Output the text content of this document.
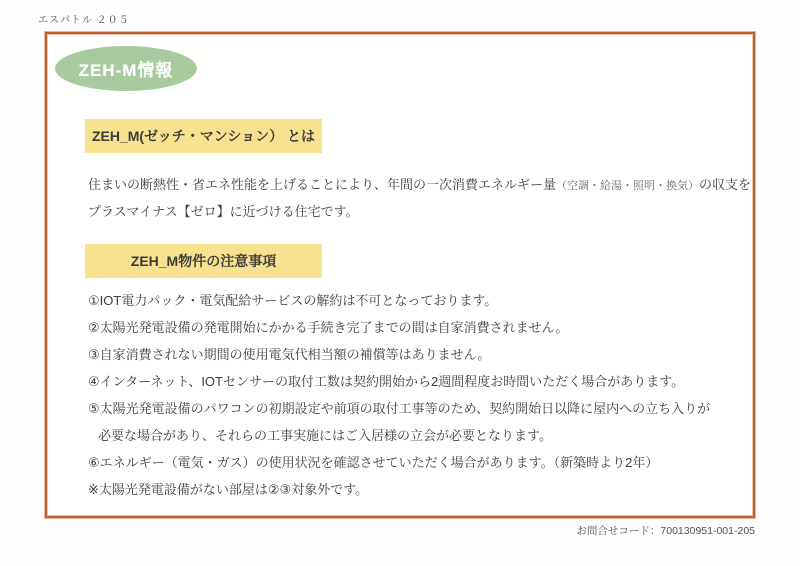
エスパトル ２０５
ZEH-M情報
ZEH_M(ゼッチ・マンション） とは

住まいの断熱性・省エネ性能を上げることにより、年間の一次消費エネルギー量（空調・給湯・照明・換気）の収支を

プラスマイナス【ゼロ】に近づける住宅です。

ZEH_M物件の注意事項

①IOT電力パック・電気配給サービスの解約は不可となっております。

②太陽光発電設備の発電開始にかかる手続き完了までの間は自家消費されません。

③自家消費されない期間の使用電気代相当額の補償等はありません。

④インターネット、IOTセンサーの取付工数は契約開始から2週間程度お時間いただく場合があります。

⑤太陽光発電設備のパワコンの初期設定や前項の取付工事等のため、契約開始日以降に屋内への立ち入りが

必要な場合があり、それらの工事実施にはご入居様の立会が必要となります。

⑥エネルギー（電気・ガス）の使用状況を確認させていただく場合があります。（新築時より2年）

※太陽光発電設備がない部屋は②③対象外です。

お問合せコード：700130951-001-205
